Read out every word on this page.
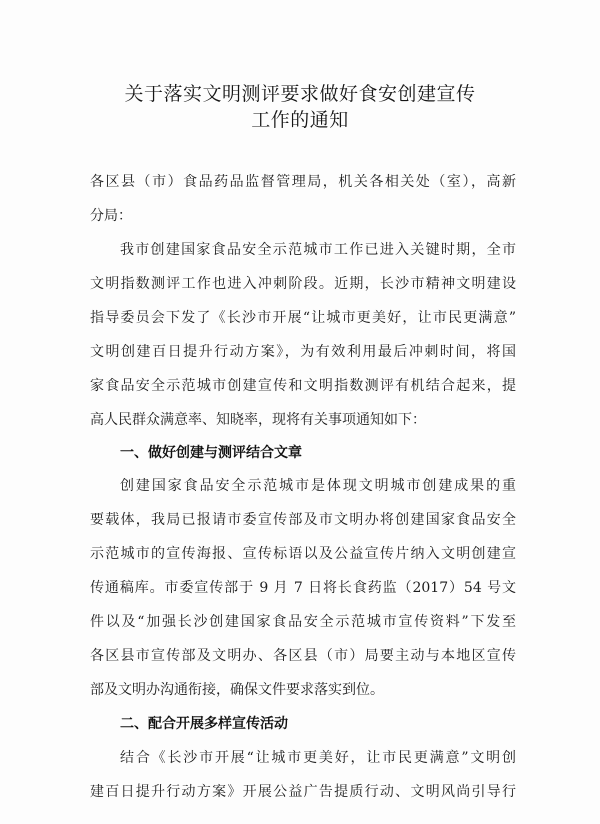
关于落实文明测评要求做好食安创建宣传
工作的通知
各区县（市）食品药品监督管理局，机关各相关处（室），高新
分局：
我市创建国家食品安全示范城市工作已进入关键时期，全市
文明指数测评工作也进入冲刺阶段。近期，长沙市精神文明建设
指导委员会下发了《长沙市开展“让城市更美好，让市民更满意”
文明创建百日提升行动方案》，为有效利用最后冲刺时间，将国
家食品安全示范城市创建宣传和文明指数测评有机结合起来，提
高人民群众满意率、知晓率，现将有关事项通知如下：
一、做好创建与测评结合文章
创建国家食品安全示范城市是体现文明城市创建成果的重
要载体，我局已报请市委宣传部及市文明办将创建国家食品安全
示范城市的宣传海报、宣传标语以及公益宣传片纳入文明创建宣
传通稿库。市委宣传部于 9 月 7 日将长食药监（2017）54 号文
件以及“加强长沙创建国家食品安全示范城市宣传资料”下发至
各区县市宣传部及文明办、各区县（市）局要主动与本地区宣传
部及文明办沟通衔接，确保文件要求落实到位。
二、配合开展多样宣传活动
结合《长沙市开展“让城市更美好，让市民更满意”文明创
建百日提升行动方案》开展公益广告提质行动、文明风尚引导行
